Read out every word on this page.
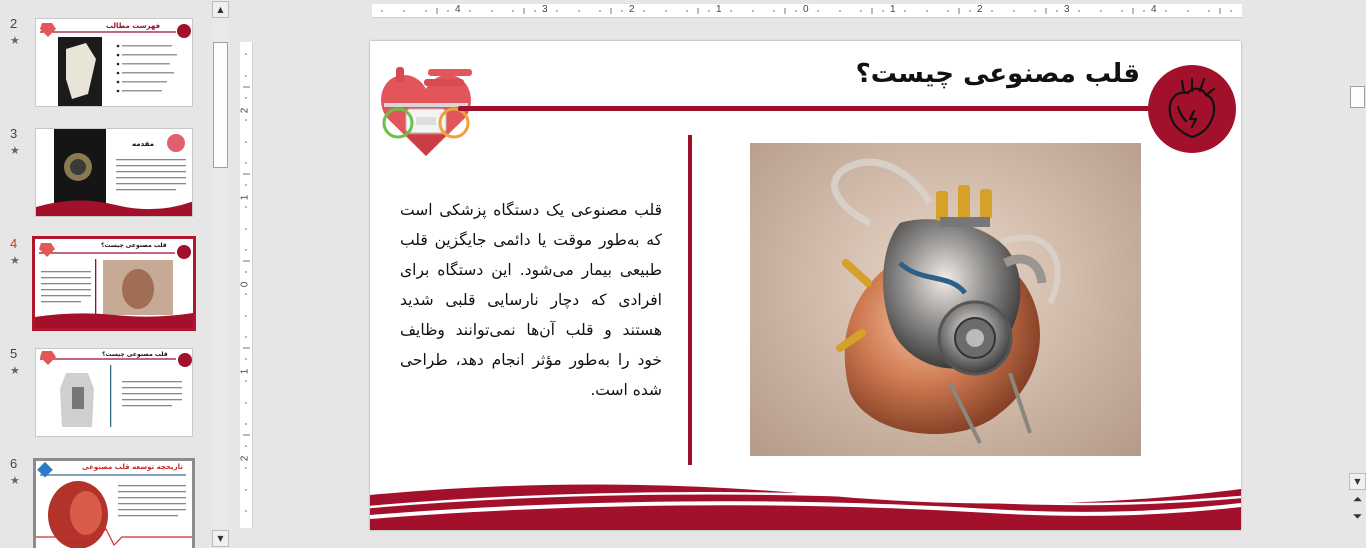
2
★
فهرست مطالب
3
★	مقدمه
4
★
قلب مصنوعی چیست؟
5
★
قلب مصنوعی چیست؟
6
★
تاریخچه توسعه قلب مصنوعی
▲
▼
4	3	2	1	0	1	2	3	4
2
1
0
1
2
قلب مصنوعی چیست؟
قلب مصنوعی یک دستگاه پزشکی است که به‌طور موقت یا دائمی جایگزین قلب طبیعی بیمار می‌شود. این دستگاه برای افرادی که دچار نارسایی قلبی شدید هستند و قلب آن‌ها نمی‌توانند وظایف خود را به‌طور مؤثر انجام دهد، طراحی شده است.
▼
⏶
⏷
